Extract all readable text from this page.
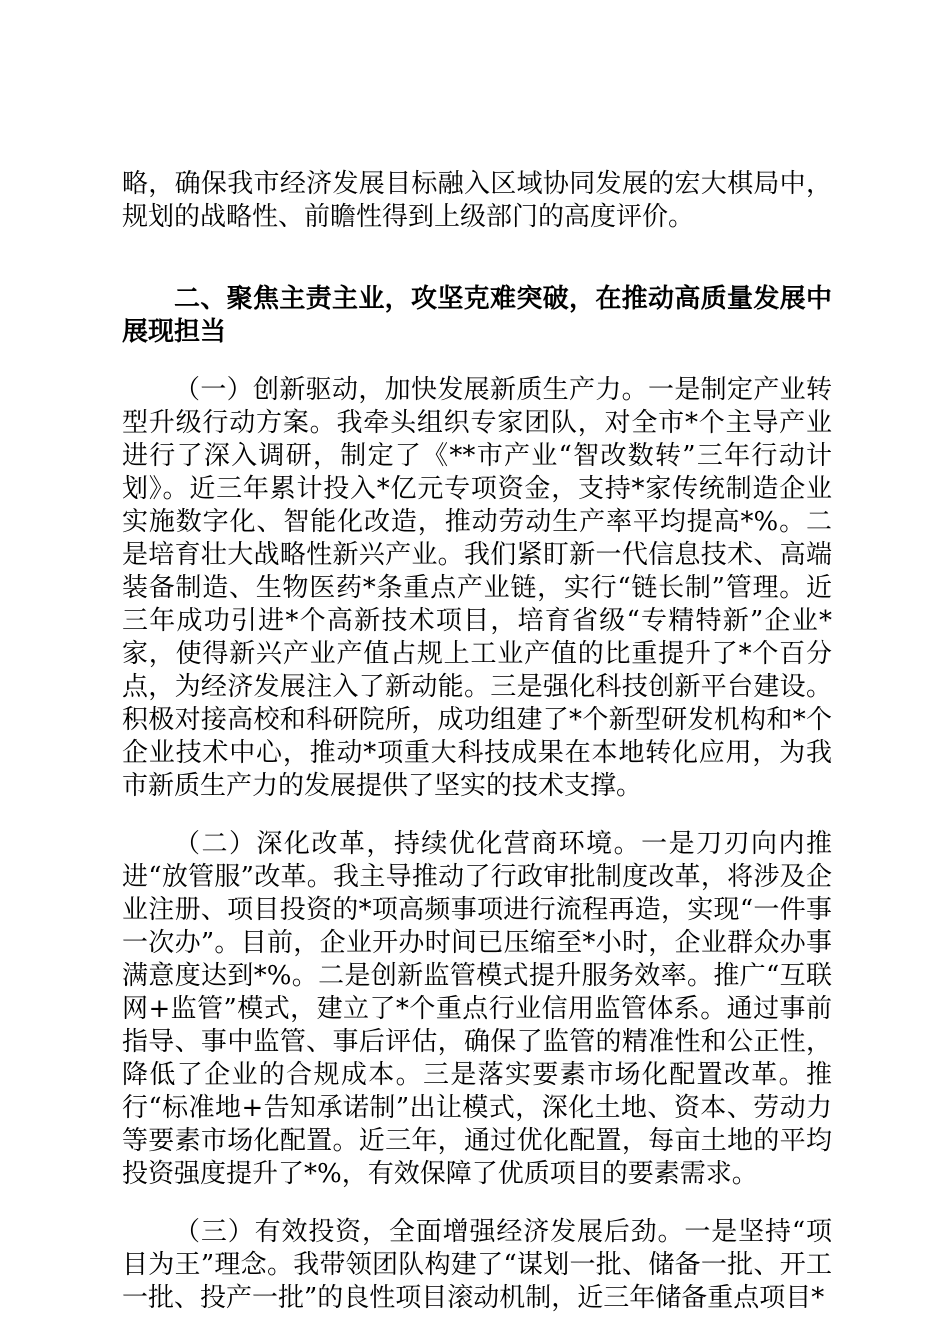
略，确保我市经济发展目标融入区域协同发展的宏大棋局中，规划的战略性、前瞻性得到上级部门的高度评价。

二、聚焦主责主业，攻坚克难突破，在推动高质量发展中展现担当

（一）创新驱动，加快发展新质生产力。一是制定产业转型升级行动方案。我牵头组织专家团队，对全市*个主导产业进行了深入调研，制定了《**市产业“智改数转”三年行动计划》。近三年累计投入*亿元专项资金，支持*家传统制造企业实施数字化、智能化改造，推动劳动生产率平均提高*%。二是培育壮大战略性新兴产业。我们紧盯新一代信息技术、高端装备制造、生物医药*条重点产业链，实行“链长制”管理。近三年成功引进*个高新技术项目，培育省级“专精特新”企业*家，使得新兴产业产值占规上工业产值的比重提升了*个百分点，为经济发展注入了新动能。三是强化科技创新平台建设。积极对接高校和科研院所，成功组建了*个新型研发机构和*个企业技术中心，推动*项重大科技成果在本地转化应用，为我市新质生产力的发展提供了坚实的技术支撑。

（二）深化改革，持续优化营商环境。一是刀刃向内推进“放管服”改革。我主导推动了行政审批制度改革，将涉及企业注册、项目投资的*项高频事项进行流程再造，实现“一件事一次办”。目前，企业开办时间已压缩至*小时，企业群众办事满意度达到*%。二是创新监管模式提升服务效率。推广“互联网+监管”模式，建立了*个重点行业信用监管体系。通过事前指导、事中监管、事后评估，确保了监管的精准性和公正性，降低了企业的合规成本。三是落实要素市场化配置改革。推行“标准地+告知承诺制”出让模式，深化土地、资本、劳动力等要素市场化配置。近三年，通过优化配置，每亩土地的平均投资强度提升了*%，有效保障了优质项目的要素需求。

（三）有效投资，全面增强经济发展后劲。一是坚持“项目为王”理念。我带领团队构建了“谋划一批、储备一批、开工一批、投产一批”的良性项目滚动机制，近三年储备重点项目*
